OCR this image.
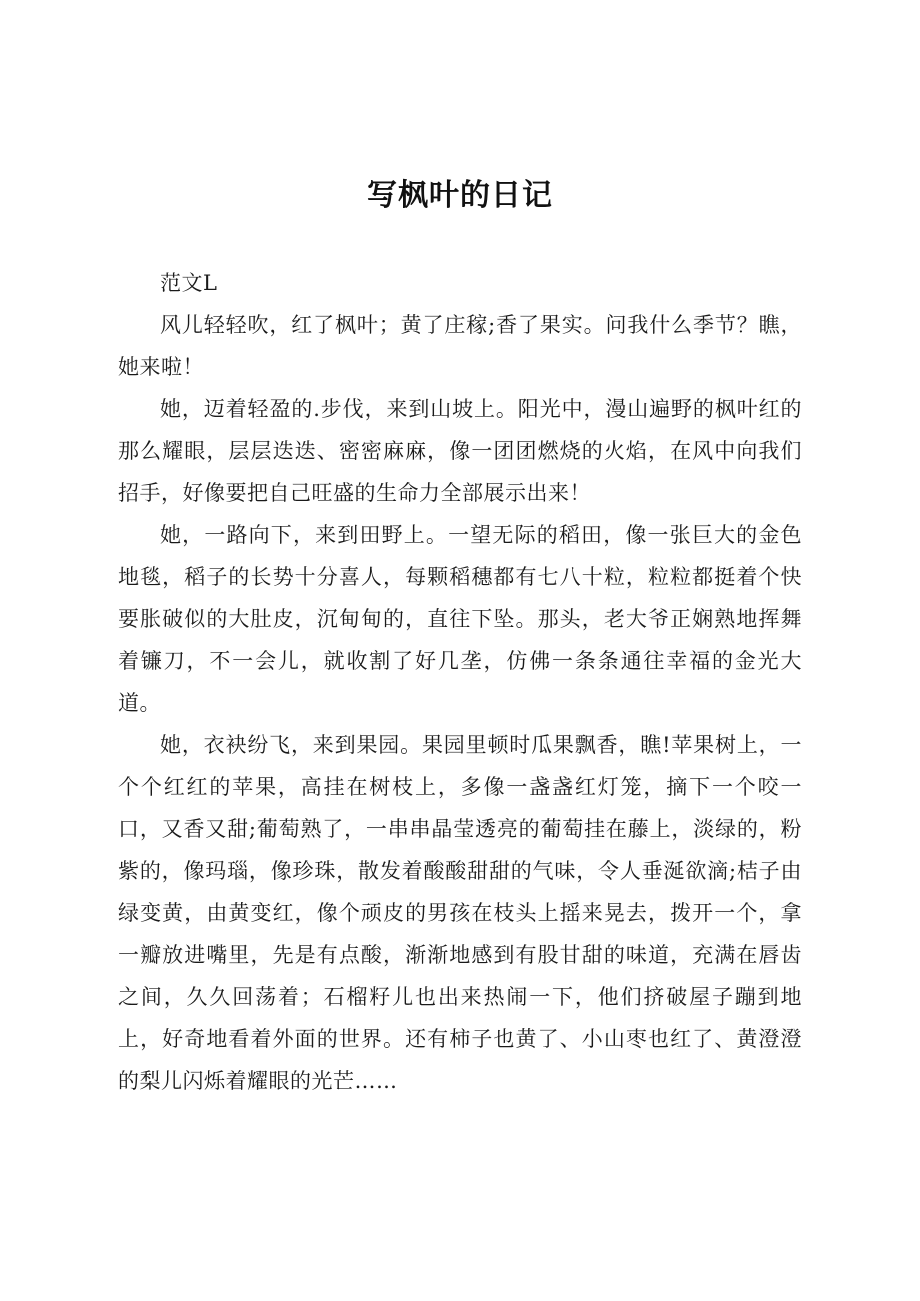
写枫叶的日记

范文L

风儿轻轻吹，红了枫叶；黄了庄稼;香了果实。问我什么季节？瞧，她来啦！

她，迈着轻盈的.步伐，来到山坡上。阳光中，漫山遍野的枫叶红的那么耀眼，层层迭迭、密密麻麻，像一团团燃烧的火焰，在风中向我们招手，好像要把自己旺盛的生命力全部展示出来！

她，一路向下，来到田野上。一望无际的稻田，像一张巨大的金色地毯，稻子的长势十分喜人，每颗稻穗都有七八十粒，粒粒都挺着个快要胀破似的大肚皮，沉甸甸的，直往下坠。那头，老大爷正娴熟地挥舞着镰刀，不一会儿，就收割了好几垄，仿佛一条条通往幸福的金光大道。

她，衣袂纷飞，来到果园。果园里顿时瓜果飘香，瞧!苹果树上，一个个红红的苹果，高挂在树枝上，多像一盏盏红灯笼，摘下一个咬一口，又香又甜;葡萄熟了，一串串晶莹透亮的葡萄挂在藤上，淡绿的，粉紫的，像玛瑙，像珍珠，散发着酸酸甜甜的气味，令人垂涎欲滴;桔子由绿变黄，由黄变红，像个顽皮的男孩在枝头上摇来晃去，拨开一个，拿一瓣放进嘴里，先是有点酸，渐渐地感到有股甘甜的味道，充满在唇齿之间，久久回荡着；石榴籽儿也出来热闹一下，他们挤破屋子蹦到地上，好奇地看着外面的世界。还有柿子也黄了、小山枣也红了、黄澄澄的梨儿闪烁着耀眼的光芒……
